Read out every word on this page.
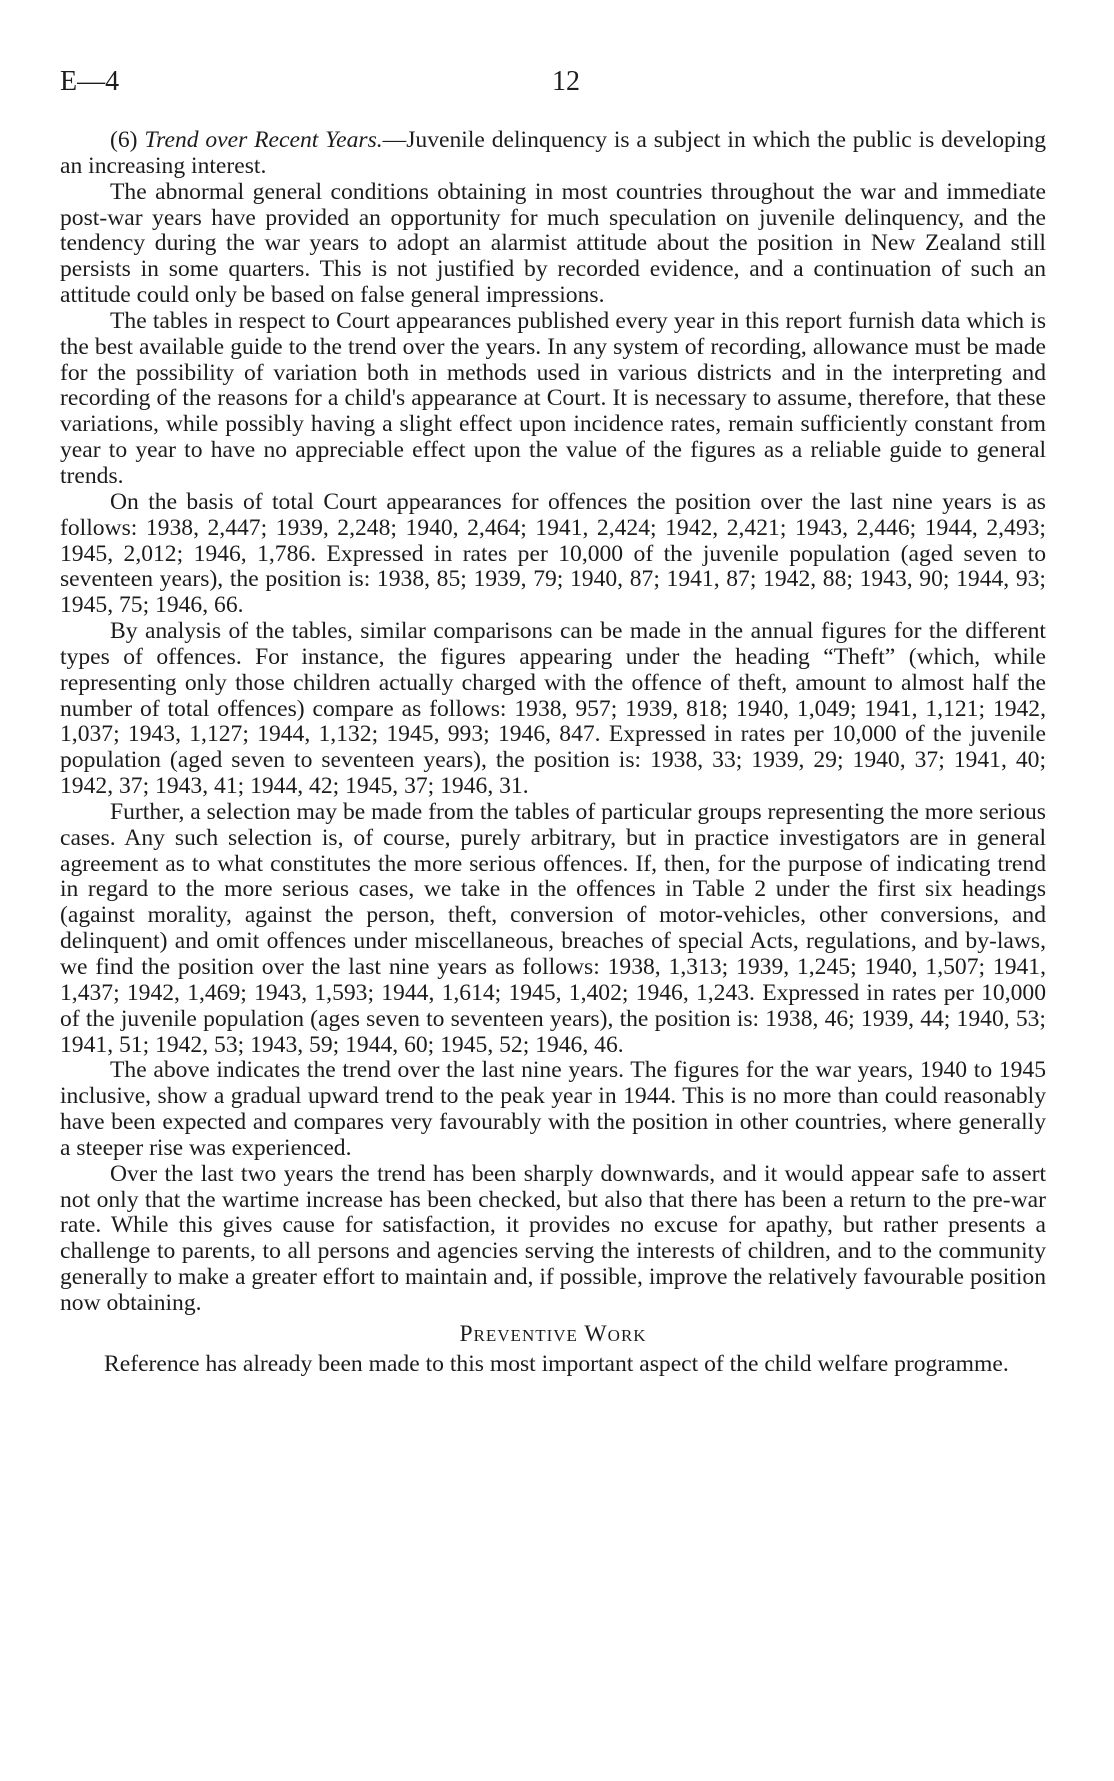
E—4	12

(6) Trend over Recent Years.—Juvenile delinquency is a subject in which the public is developing an increasing interest.

The abnormal general conditions obtaining in most countries throughout the war and immediate post-war years have provided an opportunity for much speculation on juvenile delinquency, and the tendency during the war years to adopt an alarmist attitude about the position in New Zealand still persists in some quarters. This is not justified by recorded evidence, and a continuation of such an attitude could only be based on false general impressions.

The tables in respect to Court appearances published every year in this report furnish data which is the best available guide to the trend over the years. In any system of recording, allowance must be made for the possibility of variation both in methods used in various districts and in the interpreting and recording of the reasons for a child's appearance at Court. It is necessary to assume, therefore, that these variations, while possibly having a slight effect upon incidence rates, remain sufficiently constant from year to year to have no appreciable effect upon the value of the figures as a reliable guide to general trends.

On the basis of total Court appearances for offences the position over the last nine years is as follows: 1938, 2,447; 1939, 2,248; 1940, 2,464; 1941, 2,424; 1942, 2,421; 1943, 2,446; 1944, 2,493; 1945, 2,012; 1946, 1,786. Expressed in rates per 10,000 of the juvenile population (aged seven to seventeen years), the position is: 1938, 85; 1939, 79; 1940, 87; 1941, 87; 1942, 88; 1943, 90; 1944, 93; 1945, 75; 1946, 66.

By analysis of the tables, similar comparisons can be made in the annual figures for the different types of offences. For instance, the figures appearing under the heading “Theft” (which, while representing only those children actually charged with the offence of theft, amount to almost half the number of total offences) compare as follows: 1938, 957; 1939, 818; 1940, 1,049; 1941, 1,121; 1942, 1,037; 1943, 1,127; 1944, 1,132; 1945, 993; 1946, 847. Expressed in rates per 10,000 of the juvenile population (aged seven to seventeen years), the position is: 1938, 33; 1939, 29; 1940, 37; 1941, 40; 1942, 37; 1943, 41; 1944, 42; 1945, 37; 1946, 31.

Further, a selection may be made from the tables of particular groups representing the more serious cases. Any such selection is, of course, purely arbitrary, but in practice investigators are in general agreement as to what constitutes the more serious offences. If, then, for the purpose of indicating trend in regard to the more serious cases, we take in the offences in Table 2 under the first six headings (against morality, against the person, theft, conversion of motor-vehicles, other conversions, and delinquent) and omit offences under miscellaneous, breaches of special Acts, regulations, and by-laws, we find the position over the last nine years as follows: 1938, 1,313; 1939, 1,245; 1940, 1,507; 1941, 1,437; 1942, 1,469; 1943, 1,593; 1944, 1,614; 1945, 1,402; 1946, 1,243. Expressed in rates per 10,000 of the juvenile population (ages seven to seventeen years), the position is: 1938, 46; 1939, 44; 1940, 53; 1941, 51; 1942, 53; 1943, 59; 1944, 60; 1945, 52; 1946, 46.

The above indicates the trend over the last nine years. The figures for the war years, 1940 to 1945 inclusive, show a gradual upward trend to the peak year in 1944. This is no more than could reasonably have been expected and compares very favourably with the position in other countries, where generally a steeper rise was experienced.

Over the last two years the trend has been sharply downwards, and it would appear safe to assert not only that the wartime increase has been checked, but also that there has been a return to the pre-war rate. While this gives cause for satisfaction, it provides no excuse for apathy, but rather presents a challenge to parents, to all persons and agencies serving the interests of children, and to the community generally to make a greater effort to maintain and, if possible, improve the relatively favourable position now obtaining.

Preventive Work

Reference has already been made to this most important aspect of the child welfare programme.
